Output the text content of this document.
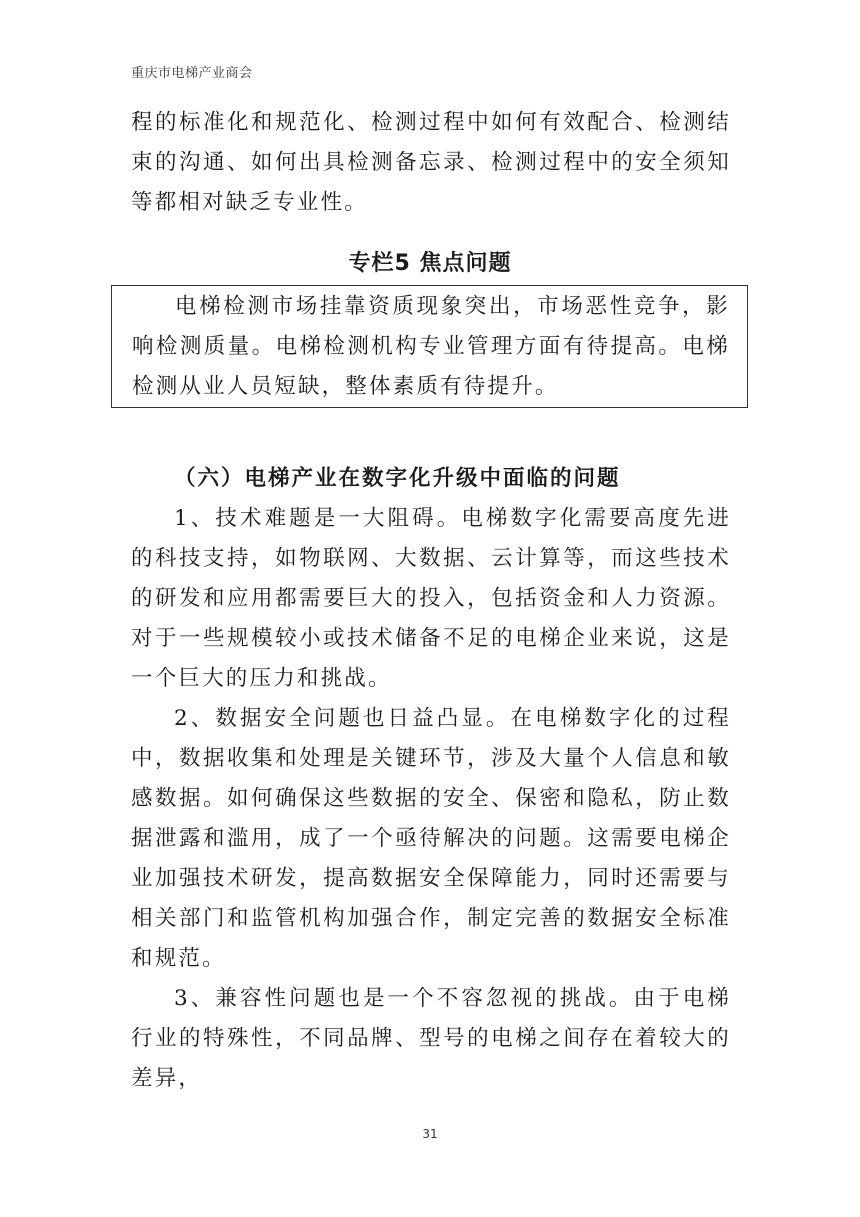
重庆市电梯产业商会

程的标准化和规范化、检测过程中如何有效配合、检测结束的沟通、如何出具检测备忘录、检测过程中的安全须知等都相对缺乏专业性。

专栏5 焦点问题

电梯检测市场挂靠资质现象突出，市场恶性竞争，影响检测质量。电梯检测机构专业管理方面有待提高。电梯检测从业人员短缺，整体素质有待提升。

（六）电梯产业在数字化升级中面临的问题

1、技术难题是一大阻碍。电梯数字化需要高度先进的科技支持，如物联网、大数据、云计算等，而这些技术的研发和应用都需要巨大的投入，包括资金和人力资源。对于一些规模较小或技术储备不足的电梯企业来说，这是一个巨大的压力和挑战。

2、数据安全问题也日益凸显。在电梯数字化的过程中，数据收集和处理是关键环节，涉及大量个人信息和敏感数据。如何确保这些数据的安全、保密和隐私，防止数据泄露和滥用，成了一个亟待解决的问题。这需要电梯企业加强技术研发，提高数据安全保障能力，同时还需要与相关部门和监管机构加强合作，制定完善的数据安全标准和规范。

3、兼容性问题也是一个不容忽视的挑战。由于电梯行业的特殊性，不同品牌、型号的电梯之间存在着较大的差异，

31
